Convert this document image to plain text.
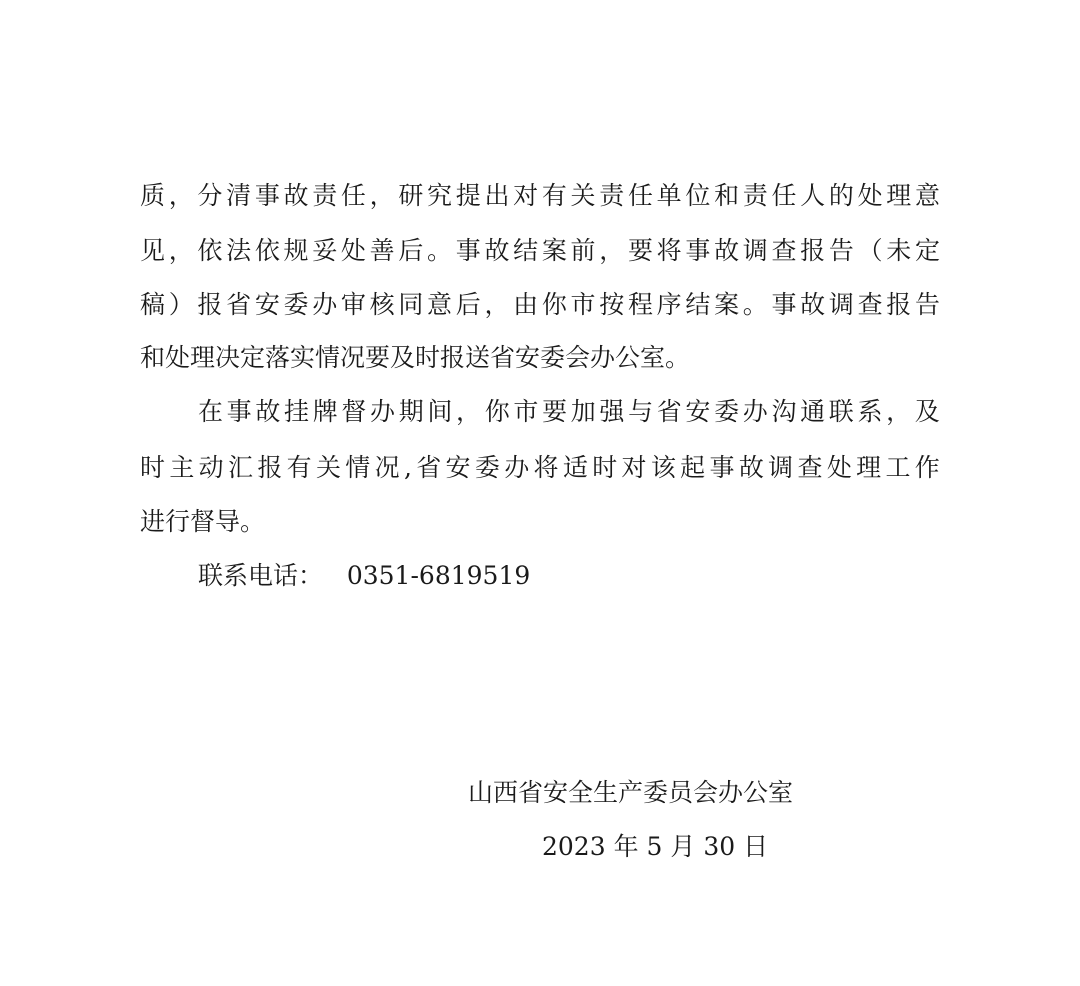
质 ， 分 清 事 故 责 任 ， 研 究 提 出 对 有 关 责 任 单 位 和 责 任 人 的 处 理 意
见 ， 依 法 依 规 妥 处 善 后 。 事 故 结 案 前 ， 要 将 事 故 调 查 报 告 （ 未 定
稿 ） 报 省 安 委 办 审 核 同 意 后 ， 由 你 市 按 程 序 结 案 。 事 故 调 查 报 告
和处理决定落实情况要及时报送省安委会办公室。
在 事 故 挂 牌 督 办 期 间 ， 你 市 要 加 强 与 省 安 委 办 沟 通 联 系 ， 及
时 主 动 汇 报 有 关 情 况 , 省 安 委 办 将 适 时 对 该 起 事 故 调 查 处 理 工 作
进行督导。
联系电话：   0351-6819519
山西省安全生产委员会办公室
2023 年 5 月 30 日
